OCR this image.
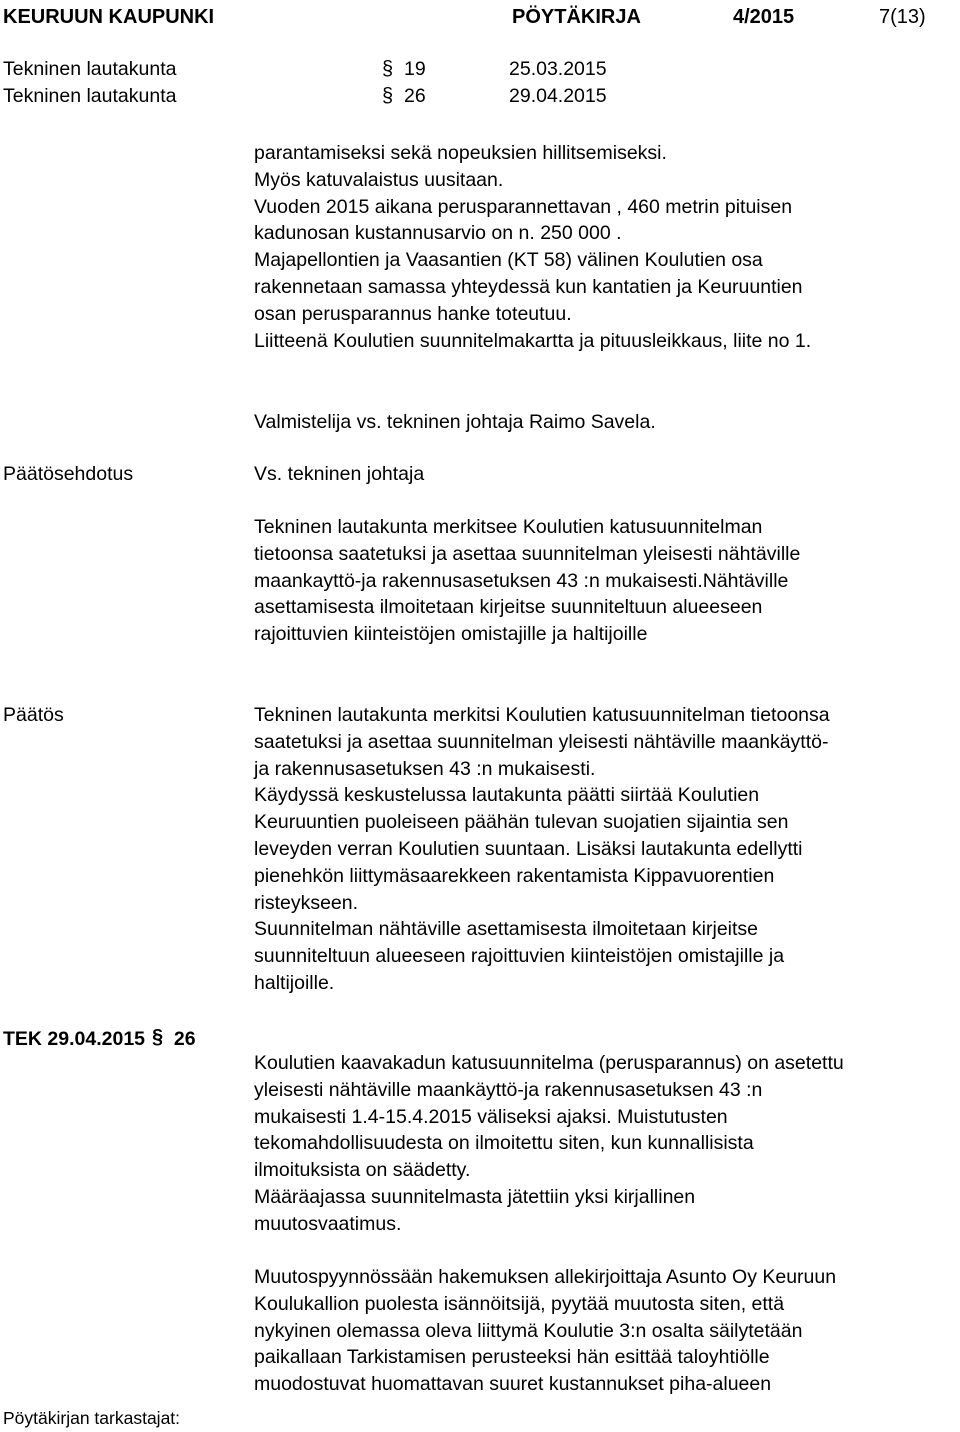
KEURUUN KAUPUNKI	PÖYTÄKIRJA	4/2015	7(13)
Tekninen lautakunta	§ 19	25.03.2015
Tekninen lautakunta	§ 26	29.04.2015
parantamiseksi sekä nopeuksien hillitsemiseksi.
Myös katuvalaistus uusitaan.
Vuoden 2015 aikana perusparannettavan , 460 metrin pituisen
kadunosan kustannusarvio on n. 250 000 .
Majapellontien ja Vaasantien (KT 58) välinen Koulutien osa
rakennetaan samassa yhteydessä kun kantatien ja Keuruuntien
osan perusparannus hanke toteutuu.
Liitteenä Koulutien suunnitelmakartta ja pituusleikkaus, liite no 1.
Valmistelija vs. tekninen johtaja Raimo Savela.
Päätösehdotus	Vs. tekninen johtaja
Tekninen lautakunta merkitsee Koulutien katusuunnitelman
tietoonsa saatetuksi ja asettaa suunnitelman yleisesti nähtäville
maankayttö-ja rakennusasetuksen 43 :n mukaisesti.Nähtäville
asettamisesta ilmoitetaan kirjeitse suunniteltuun alueeseen
rajoittuvien kiinteistöjen omistajille ja haltijoille
Päätös	Tekninen lautakunta merkitsi Koulutien katusuunnitelman tietoonsa
saatetuksi ja asettaa suunnitelman yleisesti nähtäville maankäyttö-
ja rakennusasetuksen 43 :n mukaisesti.
Käydyssä keskustelussa lautakunta päätti siirtää Koulutien
Keuruuntien puoleiseen päähän tulevan suojatien sijaintia sen
leveyden verran Koulutien suuntaan. Lisäksi lautakunta edellytti
pienehkön liittymäsaarekkeen rakentamista Kippavuorentien
risteykseen.
Suunnitelman nähtäville asettamisesta ilmoitetaan kirjeitse
suunniteltuun alueeseen rajoittuvien kiinteistöjen omistajille ja
haltijoille.
TEK 29.04.2015 § 26
Koulutien kaavakadun katusuunnitelma (perusparannus) on asetettu
yleisesti nähtäville maankäyttö-ja rakennusasetuksen 43 :n
mukaisesti 1.4-15.4.2015 väliseksi ajaksi. Muistutusten
tekomahdollisuudesta on ilmoitettu siten, kun kunnallisista
ilmoituksista on säädetty.
Määräajassa suunnitelmasta jätettiin yksi kirjallinen
muutosvaatimus.
Muutospyynnössään hakemuksen allekirjoittaja Asunto Oy Keuruun
Koulukallion puolesta isännöitsijä, pyytää muutosta siten, että
nykyinen olemassa oleva liittymä Koulutie 3:n osalta säilytetään
paikallaan Tarkistamisen perusteeksi hän esittää taloyhtiölle
muodostuvat huomattavan suuret kustannukset piha-alueen
Pöytäkirjan tarkastajat:
